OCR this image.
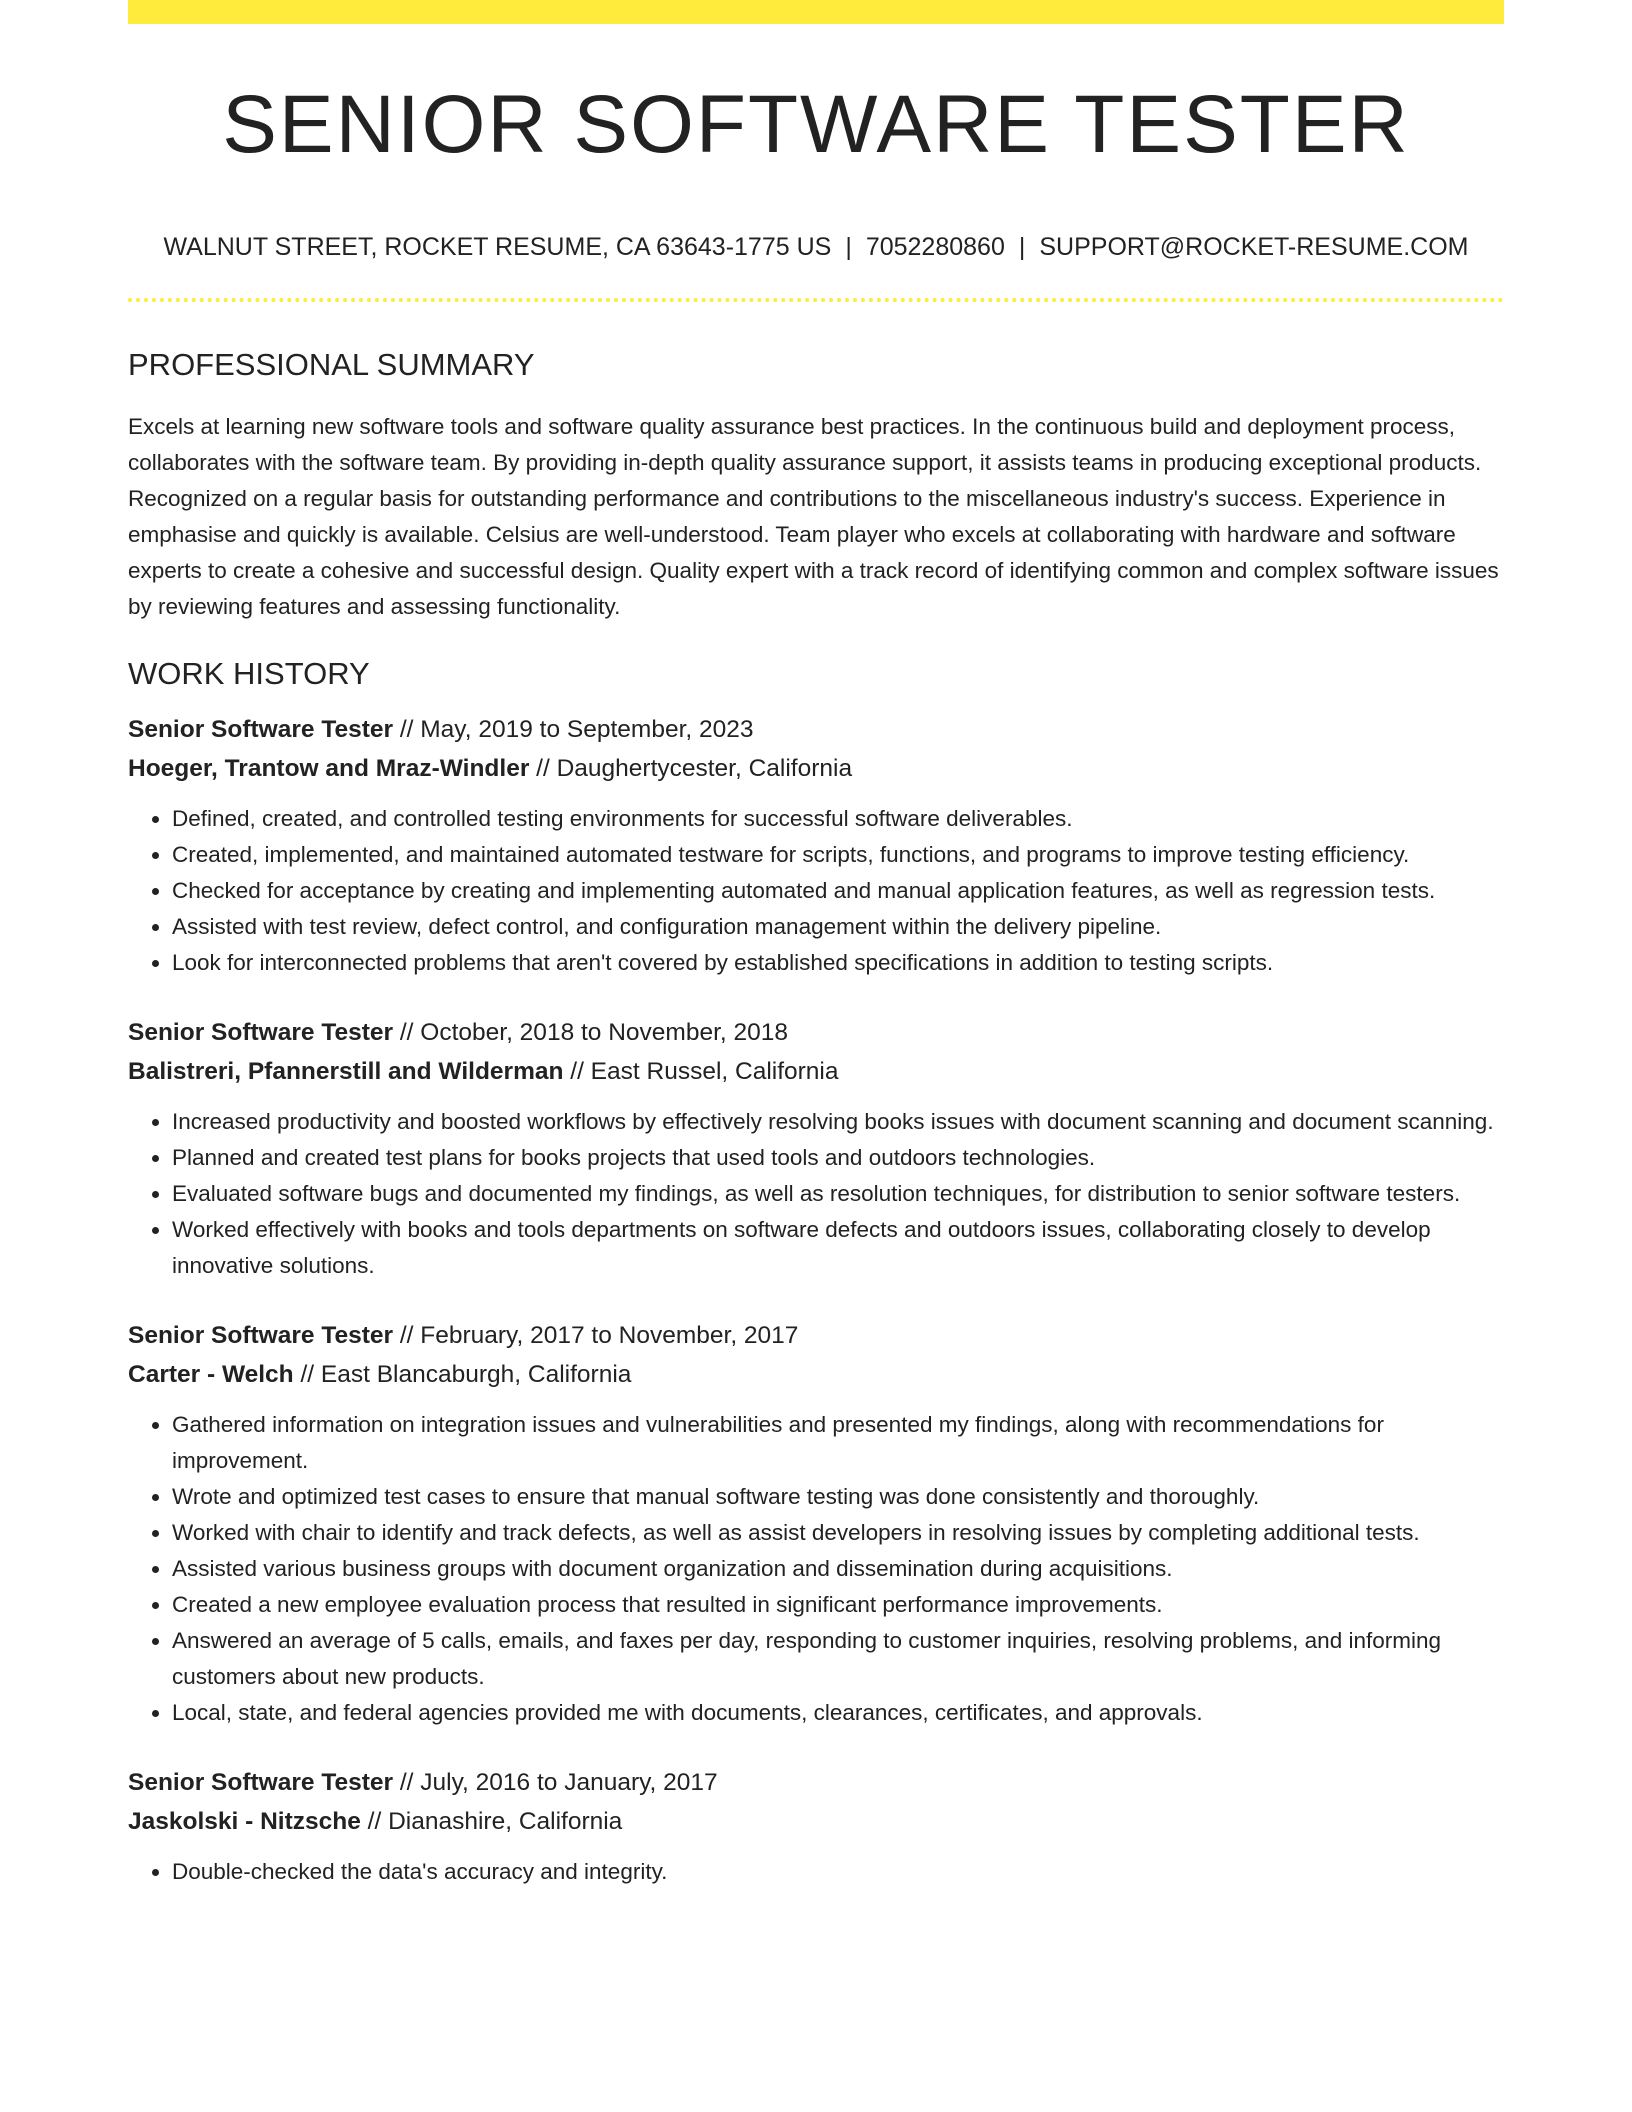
SENIOR SOFTWARE TESTER
WALNUT STREET, ROCKET RESUME, CA 63643-1775 US | 7052280860 | SUPPORT@ROCKET-RESUME.COM
PROFESSIONAL SUMMARY
Excels at learning new software tools and software quality assurance best practices. In the continuous build and deployment process, collaborates with the software team. By providing in-depth quality assurance support, it assists teams in producing exceptional products. Recognized on a regular basis for outstanding performance and contributions to the miscellaneous industry's success. Experience in emphasise and quickly is available. Celsius are well-understood. Team player who excels at collaborating with hardware and software experts to create a cohesive and successful design. Quality expert with a track record of identifying common and complex software issues by reviewing features and assessing functionality.
WORK HISTORY
Senior Software Tester // May, 2019 to September, 2023
Hoeger, Trantow and Mraz-Windler // Daughertycester, California
• Defined, created, and controlled testing environments for successful software deliverables.
• Created, implemented, and maintained automated testware for scripts, functions, and programs to improve testing efficiency.
• Checked for acceptance by creating and implementing automated and manual application features, as well as regression tests.
• Assisted with test review, defect control, and configuration management within the delivery pipeline.
• Look for interconnected problems that aren't covered by established specifications in addition to testing scripts.
Senior Software Tester // October, 2018 to November, 2018
Balistreri, Pfannerstill and Wilderman // East Russel, California
• Increased productivity and boosted workflows by effectively resolving books issues with document scanning and document scanning.
• Planned and created test plans for books projects that used tools and outdoors technologies.
• Evaluated software bugs and documented my findings, as well as resolution techniques, for distribution to senior software testers.
• Worked effectively with books and tools departments on software defects and outdoors issues, collaborating closely to develop innovative solutions.
Senior Software Tester // February, 2017 to November, 2017
Carter - Welch // East Blancaburgh, California
• Gathered information on integration issues and vulnerabilities and presented my findings, along with recommendations for improvement.
• Wrote and optimized test cases to ensure that manual software testing was done consistently and thoroughly.
• Worked with chair to identify and track defects, as well as assist developers in resolving issues by completing additional tests.
• Assisted various business groups with document organization and dissemination during acquisitions.
• Created a new employee evaluation process that resulted in significant performance improvements.
• Answered an average of 5 calls, emails, and faxes per day, responding to customer inquiries, resolving problems, and informing customers about new products.
• Local, state, and federal agencies provided me with documents, clearances, certificates, and approvals.
Senior Software Tester // July, 2016 to January, 2017
Jaskolski - Nitzsche // Dianashire, California
• Double-checked the data's accuracy and integrity.
